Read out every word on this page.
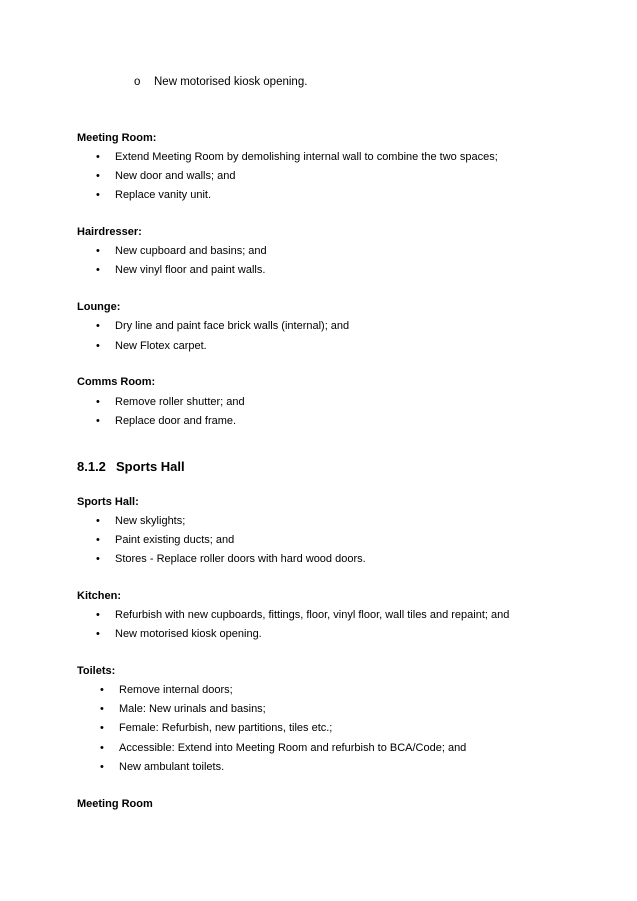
o New motorised kiosk opening.
Meeting Room:
• Extend Meeting Room by demolishing internal wall to combine the two spaces;
• New door and walls; and
• Replace vanity unit.
Hairdresser:
• New cupboard and basins; and
• New vinyl floor and paint walls.
Lounge:
• Dry line and paint face brick walls (internal); and
• New Flotex carpet.
Comms Room:
• Remove roller shutter; and
• Replace door and frame.
8.1.2 Sports Hall
Sports Hall:
• New skylights;
• Paint existing ducts; and
• Stores - Replace roller doors with hard wood doors.
Kitchen:
• Refurbish with new cupboards, fittings, floor, vinyl floor, wall tiles and repaint; and
• New motorised kiosk opening.
Toilets:
• Remove internal doors;
• Male: New urinals and basins;
• Female: Refurbish, new partitions, tiles etc.;
• Accessible: Extend into Meeting Room and refurbish to BCA/Code; and
• New ambulant toilets.
Meeting Room
